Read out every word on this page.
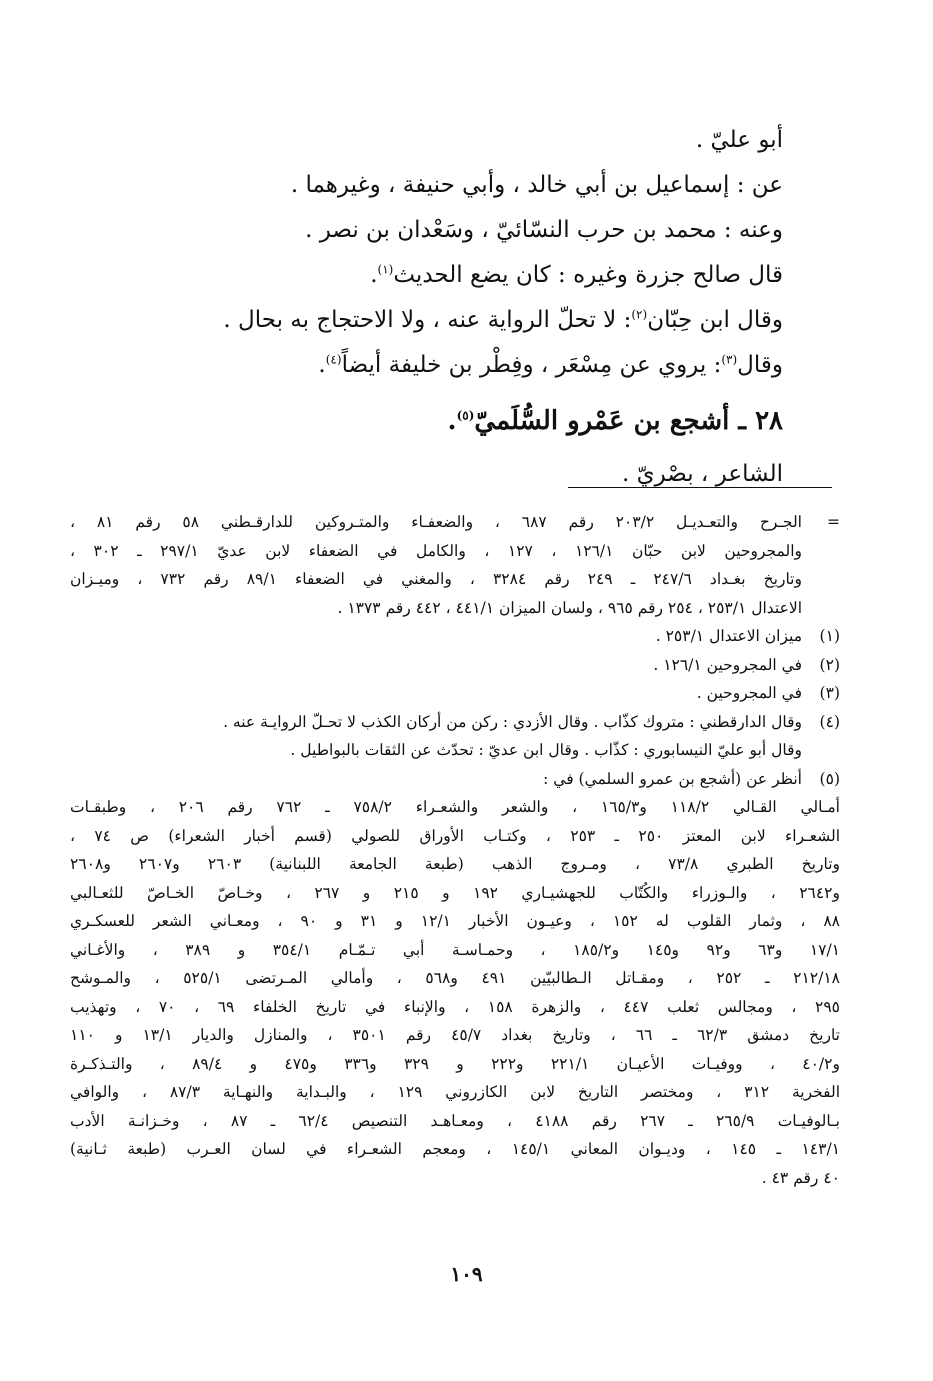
أبو عليّ .
عن : إسماعيل بن أبي خالد ، وأبي حنيفة ، وغيرهما .
وعنه : محمد بن حرب النسّائيّ ، وسَعْدان بن نصر .
قال صالح جزرة وغيره : كان يضع الحديث$^{(١)}$.
وقال ابن حِبّان$^{(٢)}$: لا تحلّ الرواية عنه ، ولا الاحتجاج به بحال .
وقال$^{(٣)}$: يروي عن مِسْعَر ، وفِطْر بن خليفة أيضاً$^{(٤)}$.
٢٨ ـ أشجع بن عَمْرو السُّلَميّ$^{(٥)}$.
الشاعر ، بصْريّ .
=
الجـرح والتعـديـل ٢٠٣/٢ رقم ٦٨٧ ، والضعفـاء والمتـروكين للدارقـطني ٥٨ رقم ٨١ ،
والمجروحين لابن حبّان ١٢٦/١ ، ١٢٧ ، والكامل في الضعفاء لابن عديّ ٢٩٧/١ ـ ٣٠٢ ،
وتاريخ بغـداد ٢٤٧/٦ ـ ٢٤٩ رقم ٣٢٨٤ ، والمغني في الضعفاء ٨٩/١ رقم ٧٣٢ ، وميـزان
الاعتدال ٢٥٣/١ ، ٢٥٤ رقم ٩٦٥ ، ولسان الميزان ٤٤١/١ ، ٤٤٢ رقم ١٣٧٣ .
(١)
ميزان الاعتدال ٢٥٣/١ .
(٢)
في المجروحين ١٢٦/١ .
(٣)
في المجروحين .
(٤)
وقال الدارقطني : متروك كذّاب . وقال الأزدي : ركن من أركان الكذب لا تحـلّ الروايـة عنه .
وقال أبو عليّ النيسابوري : كذّاب . وقال ابن عديّ : تحدّث عن الثقات بالبواطيل .
(٥)
أنظر عن (أشجع بن عمرو السلمي) في :
أمـالي القـالي ١١٨/٢ و١٦٥/٣ ، والشعر والشعـراء ٧٥٨/٢ ـ ٧٦٢ رقم ٢٠٦ ، وطبقـات
الشعـراء لابن المعتز ٢٥٠ ـ ٢٥٣ ، وكتـاب الأوراق للصولي (قسم أخبار الشعراء) ص ٧٤ ،
وتاريخ الطبري ٧٣/٨ ، ومـروج الذهب (طبعة الجامعة اللبنانية) ٢٦٠٣ و٢٦٠٧ و٢٦٠٨
و٢٦٤٢ ، والـوزراء والكُتّاب للجهشيـاري ١٩٢ و ٢١٥ و ٢٦٧ ، وخـاصّ الخـاصّ للثعـالبي
٨٨ ، وثمار القلوب له ١٥٢ ، وعيـون الأخبار ١٢/١ و ٣١ و ٩٠ ، ومعـاني الشعر للعسكـري
١٧/١ و٦٣ و٩٢ و١٤٥ و١٨٥/٢ ، وحمـاسـة أبي تـمّـام ٣٥٤/١ و ٣٨٩ ، والأغـاني
٢١٢/١٨ ـ ٢٥٢ ، ومقـاتل الـطالبيّين ٤٩١ و٥٦٨ ، وأمالي المـرتضى ٥٢٥/١ ، والمـوشح
٢٩٥ ، ومجالس ثعلب ٤٤٧ ، والزهرة ١٥٨ ، والإنباء في تاريخ الخلفاء ٦٩ ، ٧٠ ، وتهذيب
تاريخ دمشق ٦٢/٣ ـ ٦٦ ، وتاريخ بغداد ٤٥/٧ رقم ٣٥٠١ ، والمنازل والديار ١٣/١ و ١١٠
و٤٠/٢ ، ووفيـات الأعيـان ٢٢١/١ و٢٢٢ و ٣٢٩ و٣٣٦ و٤٧٥ و ٨٩/٤ ، والتـذكـرة
الفخرية ٣١٢ ، ومختصر التاريخ لابن الكازروني ١٢٩ ، والبـداية والنهـاية ٨٧/٣ ، والوافي
بـالوفيـات ٢٦٥/٩ ـ ٢٦٧ رقم ٤١٨٨ ، ومعـاهـد التنصيص ٦٢/٤ ـ ٨٧ ، وخـزانـة الأدب
١٤٣/١ ـ ١٤٥ ، وديـوان المعاني ١٤٥/١ ، ومعجم الشعـراء في لسان العـرب (طبعة ثـانية)
٤٠ رقم ٤٣ .
١٠٩
